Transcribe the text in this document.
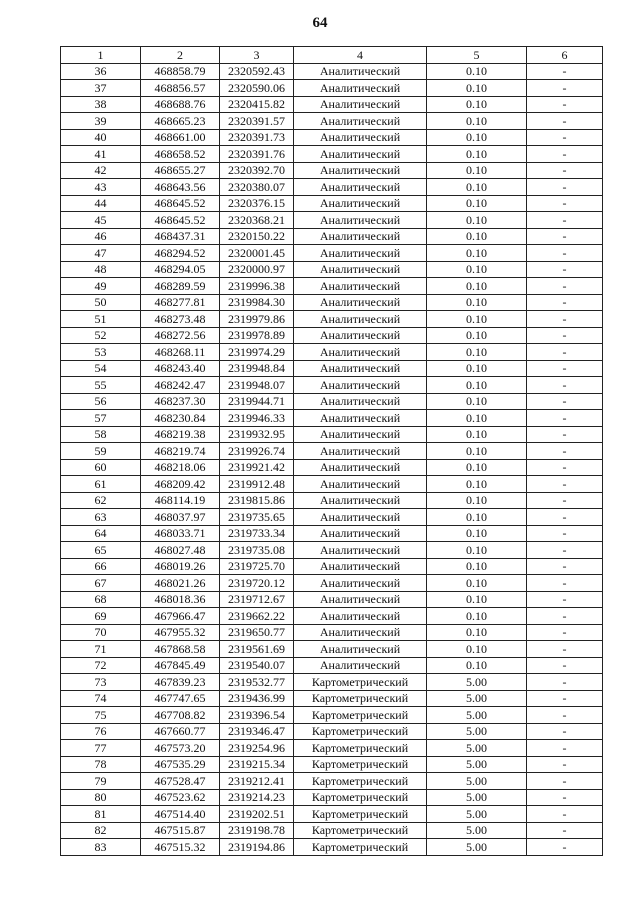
64
1	2	3	4	5	6
36	468858.79	2320592.43	Аналитический	0.10	-
37	468856.57	2320590.06	Аналитический	0.10	-
38	468688.76	2320415.82	Аналитический	0.10	-
39	468665.23	2320391.57	Аналитический	0.10	-
40	468661.00	2320391.73	Аналитический	0.10	-
41	468658.52	2320391.76	Аналитический	0.10	-
42	468655.27	2320392.70	Аналитический	0.10	-
43	468643.56	2320380.07	Аналитический	0.10	-
44	468645.52	2320376.15	Аналитический	0.10	-
45	468645.52	2320368.21	Аналитический	0.10	-
46	468437.31	2320150.22	Аналитический	0.10	-
47	468294.52	2320001.45	Аналитический	0.10	-
48	468294.05	2320000.97	Аналитический	0.10	-
49	468289.59	2319996.38	Аналитический	0.10	-
50	468277.81	2319984.30	Аналитический	0.10	-
51	468273.48	2319979.86	Аналитический	0.10	-
52	468272.56	2319978.89	Аналитический	0.10	-
53	468268.11	2319974.29	Аналитический	0.10	-
54	468243.40	2319948.84	Аналитический	0.10	-
55	468242.47	2319948.07	Аналитический	0.10	-
56	468237.30	2319944.71	Аналитический	0.10	-
57	468230.84	2319946.33	Аналитический	0.10	-
58	468219.38	2319932.95	Аналитический	0.10	-
59	468219.74	2319926.74	Аналитический	0.10	-
60	468218.06	2319921.42	Аналитический	0.10	-
61	468209.42	2319912.48	Аналитический	0.10	-
62	468114.19	2319815.86	Аналитический	0.10	-
63	468037.97	2319735.65	Аналитический	0.10	-
64	468033.71	2319733.34	Аналитический	0.10	-
65	468027.48	2319735.08	Аналитический	0.10	-
66	468019.26	2319725.70	Аналитический	0.10	-
67	468021.26	2319720.12	Аналитический	0.10	-
68	468018.36	2319712.67	Аналитический	0.10	-
69	467966.47	2319662.22	Аналитический	0.10	-
70	467955.32	2319650.77	Аналитический	0.10	-
71	467868.58	2319561.69	Аналитический	0.10	-
72	467845.49	2319540.07	Аналитический	0.10	-
73	467839.23	2319532.77	Картометрический	5.00	-
74	467747.65	2319436.99	Картометрический	5.00	-
75	467708.82	2319396.54	Картометрический	5.00	-
76	467660.77	2319346.47	Картометрический	5.00	-
77	467573.20	2319254.96	Картометрический	5.00	-
78	467535.29	2319215.34	Картометрический	5.00	-
79	467528.47	2319212.41	Картометрический	5.00	-
80	467523.62	2319214.23	Картометрический	5.00	-
81	467514.40	2319202.51	Картометрический	5.00	-
82	467515.87	2319198.78	Картометрический	5.00	-
83	467515.32	2319194.86	Картометрический	5.00	-
